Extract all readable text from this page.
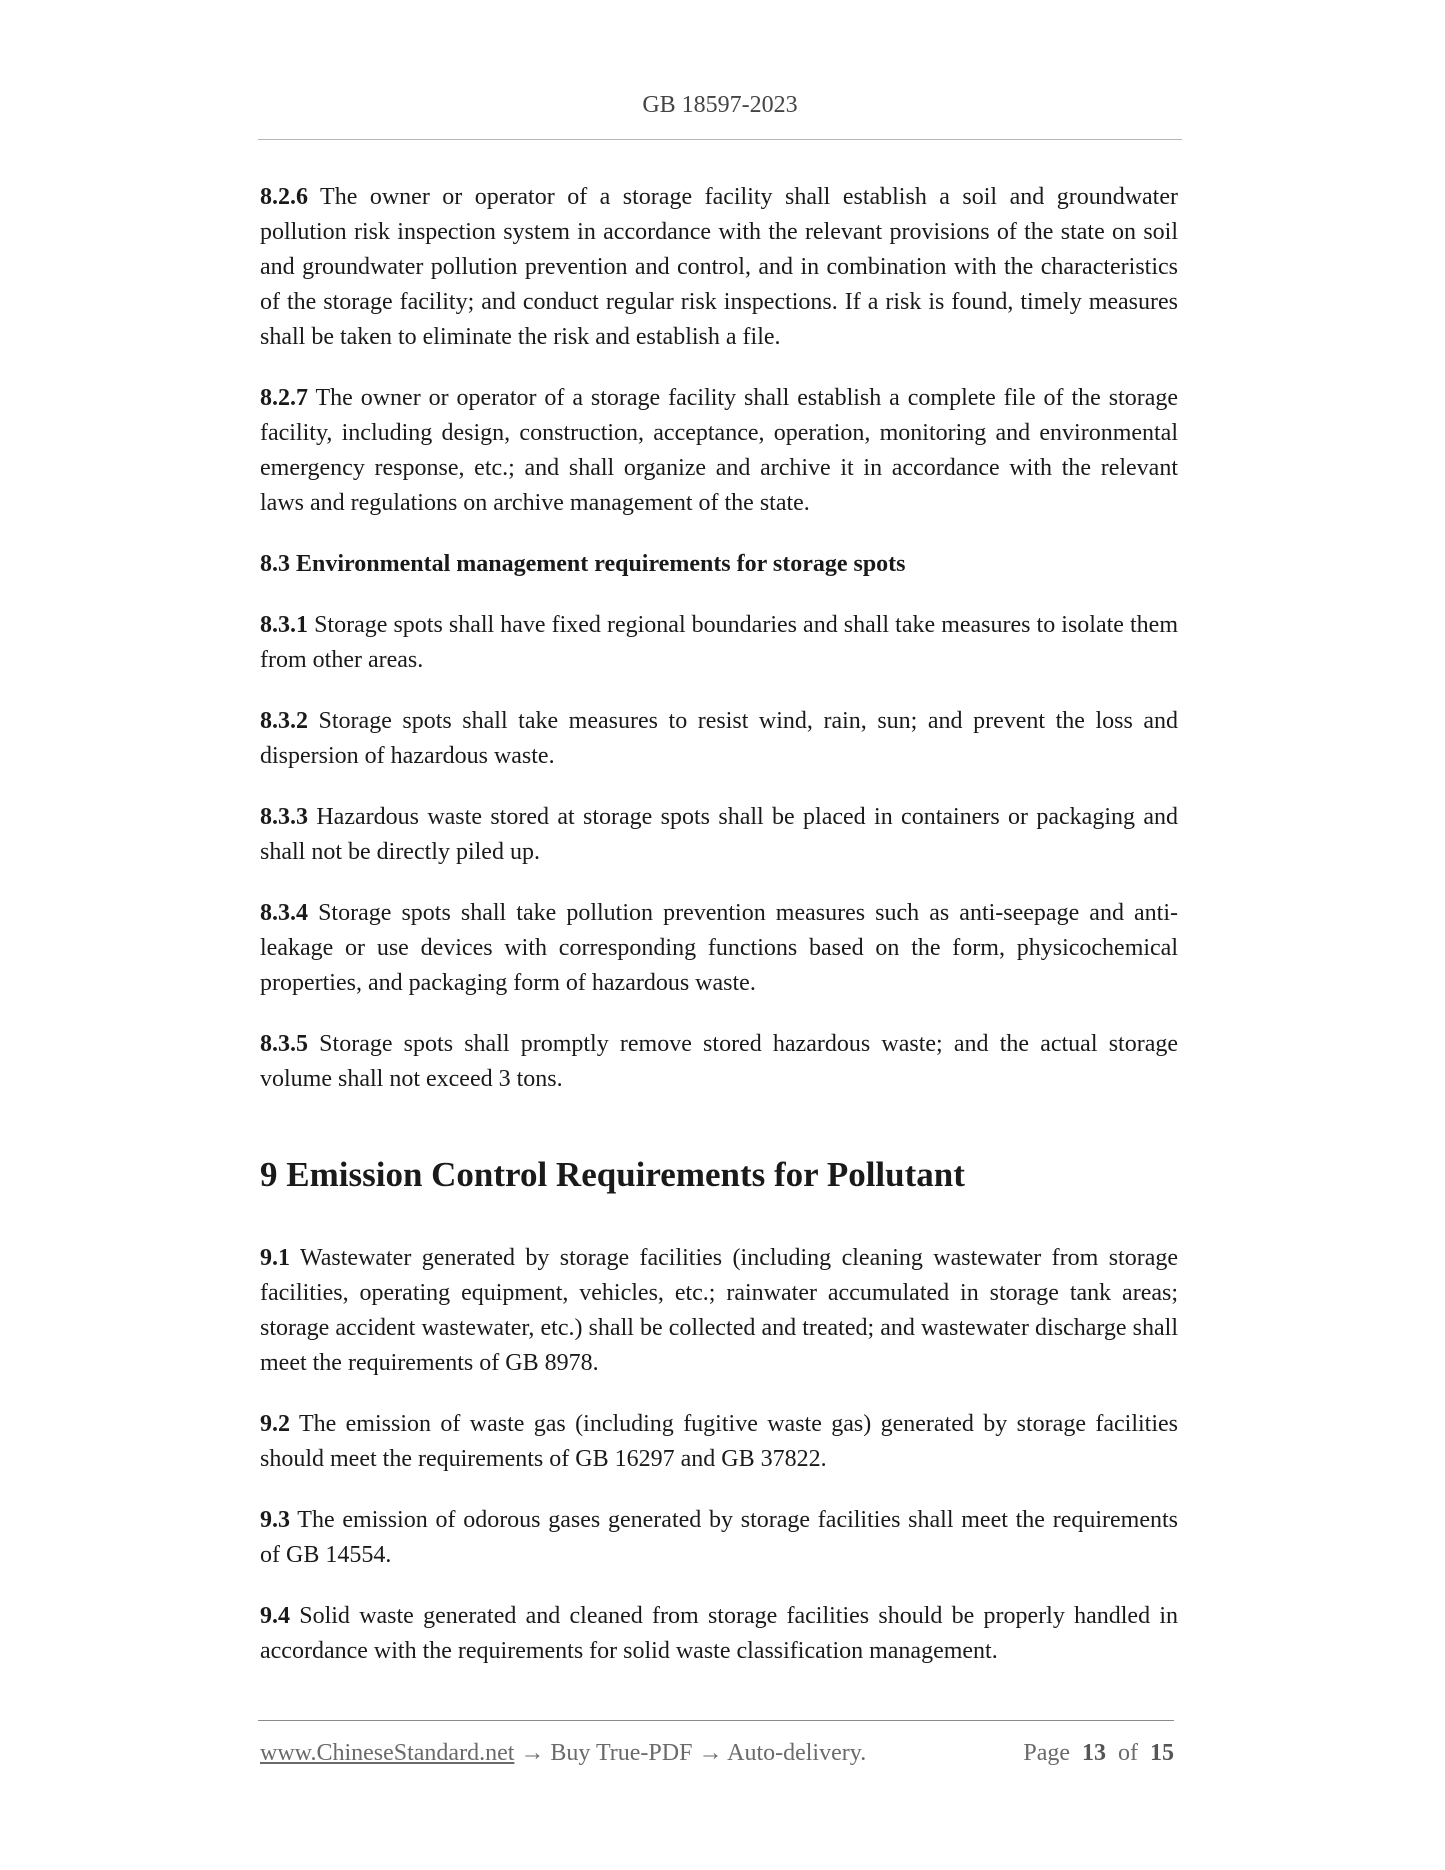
GB 18597-2023

8.2.6 The owner or operator of a storage facility shall establish a soil and groundwater pollution risk inspection system in accordance with the relevant provisions of the state on soil and groundwater pollution prevention and control, and in combination with the characteristics of the storage facility; and conduct regular risk inspections. If a risk is found, timely measures shall be taken to eliminate the risk and establish a file.

8.2.7 The owner or operator of a storage facility shall establish a complete file of the storage facility, including design, construction, acceptance, operation, monitoring and environmental emergency response, etc.; and shall organize and archive it in accordance with the relevant laws and regulations on archive management of the state.

8.3 Environmental management requirements for storage spots

8.3.1 Storage spots shall have fixed regional boundaries and shall take measures to isolate them from other areas.

8.3.2 Storage spots shall take measures to resist wind, rain, sun; and prevent the loss and dispersion of hazardous waste.

8.3.3 Hazardous waste stored at storage spots shall be placed in containers or packaging and shall not be directly piled up.

8.3.4 Storage spots shall take pollution prevention measures such as anti-seepage and anti-leakage or use devices with corresponding functions based on the form, physicochemical properties, and packaging form of hazardous waste.

8.3.5 Storage spots shall promptly remove stored hazardous waste; and the actual storage volume shall not exceed 3 tons.

9 Emission Control Requirements for Pollutant

9.1 Wastewater generated by storage facilities (including cleaning wastewater from storage facilities, operating equipment, vehicles, etc.; rainwater accumulated in storage tank areas; storage accident wastewater, etc.) shall be collected and treated; and wastewater discharge shall meet the requirements of GB 8978.

9.2 The emission of waste gas (including fugitive waste gas) generated by storage facilities should meet the requirements of GB 16297 and GB 37822.

9.3 The emission of odorous gases generated by storage facilities shall meet the requirements of GB 14554.

9.4 Solid waste generated and cleaned from storage facilities should be properly handled in accordance with the requirements for solid waste classification management.

www.ChineseStandard.net → Buy True-PDF → Auto-delivery.	Page 13 of 15
